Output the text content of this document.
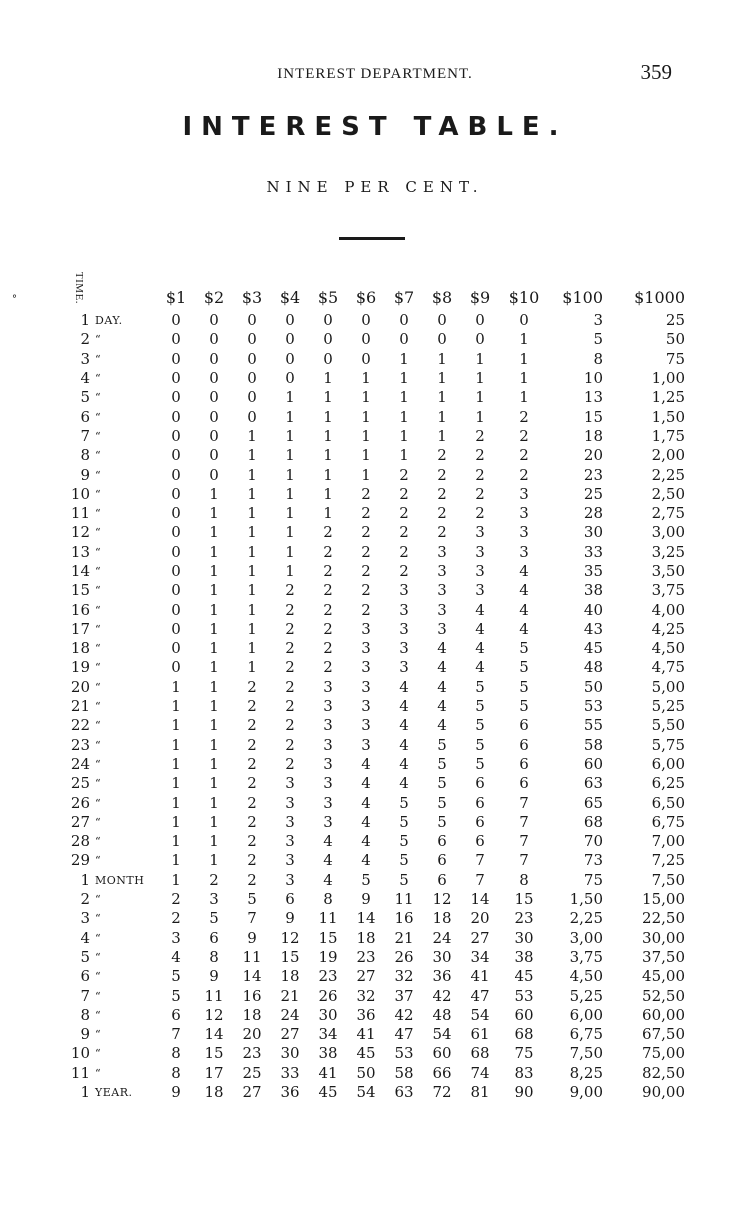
INTEREST DEPARTMENT.	359
INTEREST TABLE.
NINE PER CENT.
°	TIME.
			$1	$2	$3	$4	$5	$6	$7	$8	$9	$10	$100	$1000
1	DAY.	0	0	0	0	0	0	0	0	0	0	3	25
2	“	0	0	0	0	0	0	0	0	0	1	5	50
3	“	0	0	0	0	0	0	1	1	1	1	8	75
4	“	0	0	0	0	1	1	1	1	1	1	10	1,00
5	“	0	0	0	1	1	1	1	1	1	1	13	1,25
6	“	0	0	0	1	1	1	1	1	1	2	15	1,50
7	“	0	0	1	1	1	1	1	1	2	2	18	1,75
8	“	0	0	1	1	1	1	1	2	2	2	20	2,00
9	“	0	0	1	1	1	1	2	2	2	2	23	2,25
10	“	0	1	1	1	1	2	2	2	2	3	25	2,50
11	“	0	1	1	1	1	2	2	2	2	3	28	2,75
12	“	0	1	1	1	2	2	2	2	3	3	30	3,00
13	“	0	1	1	1	2	2	2	3	3	3	33	3,25
14	“	0	1	1	1	2	2	2	3	3	4	35	3,50
15	“	0	1	1	2	2	2	3	3	3	4	38	3,75
16	“	0	1	1	2	2	2	3	3	4	4	40	4,00
17	“	0	1	1	2	2	3	3	3	4	4	43	4,25
18	“	0	1	1	2	2	3	3	4	4	5	45	4,50
19	“	0	1	1	2	2	3	3	4	4	5	48	4,75
20	“	1	1	2	2	3	3	4	4	5	5	50	5,00
21	“	1	1	2	2	3	3	4	4	5	5	53	5,25
22	“	1	1	2	2	3	3	4	4	5	6	55	5,50
23	“	1	1	2	2	3	3	4	5	5	6	58	5,75
24	“	1	1	2	2	3	4	4	5	5	6	60	6,00
25	“	1	1	2	3	3	4	4	5	6	6	63	6,25
26	“	1	1	2	3	3	4	5	5	6	7	65	6,50
27	“	1	1	2	3	3	4	5	5	6	7	68	6,75
28	“	1	1	2	3	4	4	5	6	6	7	70	7,00
29	“	1	1	2	3	4	4	5	6	7	7	73	7,25
1	MONTH	1	2	2	3	4	5	5	6	7	8	75	7,50
2	“	2	3	5	6	8	9	11	12	14	15	1,50	15,00
3	“	2	5	7	9	11	14	16	18	20	23	2,25	22,50
4	“	3	6	9	12	15	18	21	24	27	30	3,00	30,00
5	“	4	8	11	15	19	23	26	30	34	38	3,75	37,50
6	“	5	9	14	18	23	27	32	36	41	45	4,50	45,00
7	“	5	11	16	21	26	32	37	42	47	53	5,25	52,50
8	“	6	12	18	24	30	36	42	48	54	60	6,00	60,00
9	“	7	14	20	27	34	41	47	54	61	68	6,75	67,50
10	“	8	15	23	30	38	45	53	60	68	75	7,50	75,00
11	“	8	17	25	33	41	50	58	66	74	83	8,25	82,50
1	YEAR.	9	18	27	36	45	54	63	72	81	90	9,00	90,00
